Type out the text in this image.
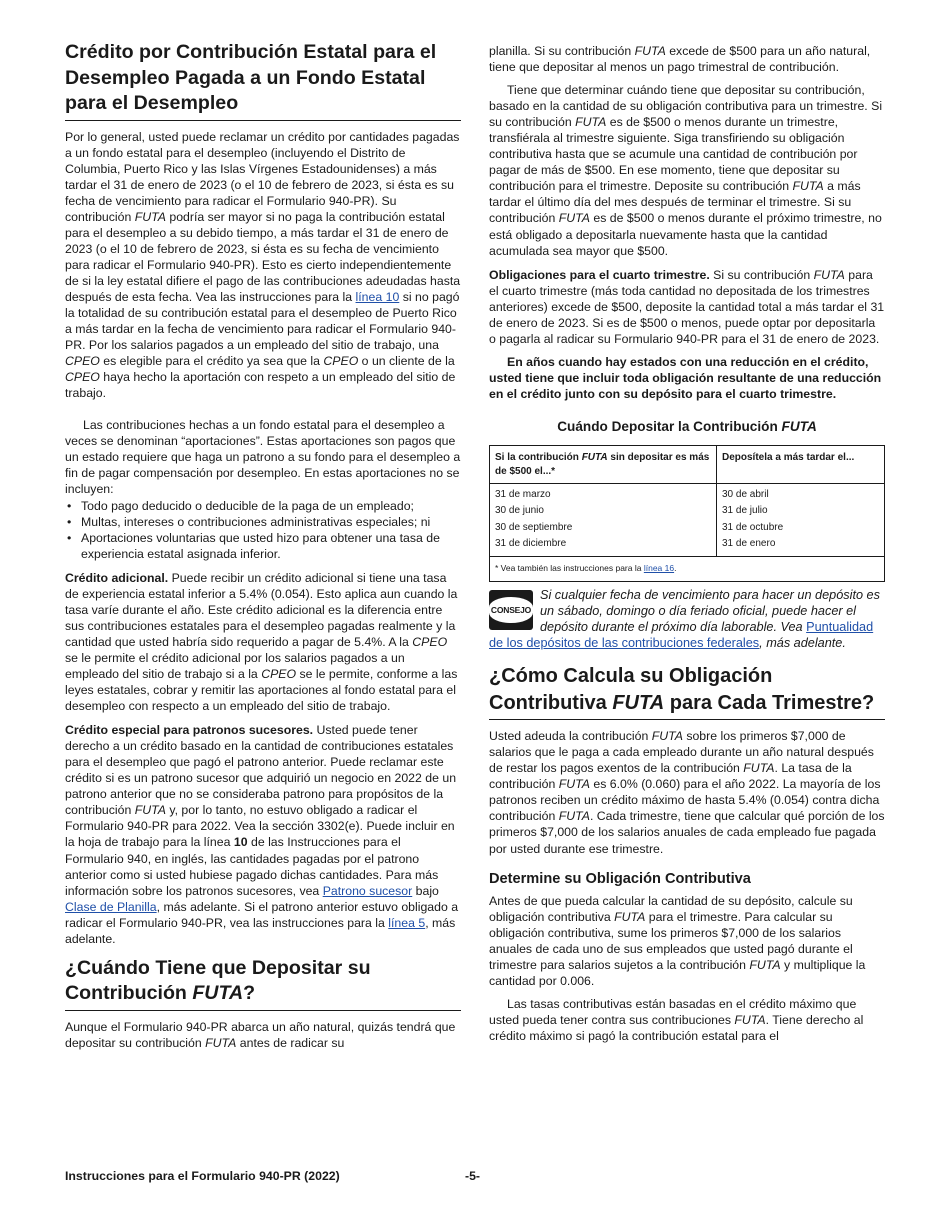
Crédito por Contribución Estatal para el Desempleo Pagada a un Fondo Estatal para el Desempleo

Por lo general, usted puede reclamar un crédito por cantidades pagadas a un fondo estatal para el desempleo (incluyendo el Distrito de Columbia, Puerto Rico y las Islas Vírgenes Estadounidenses) a más tardar el 31 de enero de 2023 (o el 10 de febrero de 2023, si ésta es su fecha de vencimiento para radicar el Formulario 940-PR). Su contribución FUTA podría ser mayor si no paga la contribución estatal para el desempleo a su debido tiempo, a más tardar el 31 de enero de 2023 (o el 10 de febrero de 2023, si ésta es su fecha de vencimiento para radicar el Formulario 940-PR). Esto es cierto independientemente de si la ley estatal difiere el pago de las contribuciones adeudadas hasta después de esta fecha. Vea las instrucciones para la línea 10 si no pagó la totalidad de su contribución estatal para el desempleo de Puerto Rico a más tardar en la fecha de vencimiento para radicar el Formulario 940-PR. Por los salarios pagados a un empleado del sitio de trabajo, una CPEO es elegible para el crédito ya sea que la CPEO o un cliente de la CPEO haya hecho la aportación con respeto a un empleado del sitio de trabajo.

Las contribuciones hechas a un fondo estatal para el desempleo a veces se denominan “aportaciones”. Estas aportaciones son pagos que un estado requiere que haga un patrono a su fondo para el desempleo a fin de pagar compensación por desempleo. En estas aportaciones no se incluyen:

• Todo pago deducido o deducible de la paga de un empleado;
• Multas, intereses o contribuciones administrativas especiales; ni
• Aportaciones voluntarias que usted hizo para obtener una tasa de experiencia estatal asignada inferior.

Crédito adicional. Puede recibir un crédito adicional si tiene una tasa de experiencia estatal inferior a 5.4% (0.054). Esto aplica aun cuando la tasa varíe durante el año. Este crédito adicional es la diferencia entre sus contribuciones estatales para el desempleo pagadas realmente y la cantidad que usted habría sido requerido a pagar de 5.4%. A la CPEO se le permite el crédito adicional por los salarios pagados a un empleado del sitio de trabajo si a la CPEO se le permite, conforme a las leyes estatales, cobrar y remitir las aportaciones al fondo estatal para el desempleo con respecto a un empleado del sitio de trabajo.

Crédito especial para patronos sucesores. Usted puede tener derecho a un crédito basado en la cantidad de contribuciones estatales para el desempleo que pagó el patrono anterior. Puede reclamar este crédito si es un patrono sucesor que adquirió un negocio en 2022 de un patrono anterior que no se consideraba patrono para propósitos de la contribución FUTA y, por lo tanto, no estuvo obligado a radicar el Formulario 940-PR para 2022. Vea la sección 3302(e). Puede incluir en la hoja de trabajo para la línea 10 de las Instrucciones para el Formulario 940, en inglés, las cantidades pagadas por el patrono anterior como si usted hubiese pagado dichas cantidades. Para más información sobre los patronos sucesores, vea Patrono sucesor bajo Clase de Planilla, más adelante. Si el patrono anterior estuvo obligado a radicar el Formulario 940-PR, vea las instrucciones para la línea 5, más adelante.

¿Cuándo Tiene que Depositar su Contribución FUTA?

Aunque el Formulario 940-PR abarca un año natural, quizás tendrá que depositar su contribución FUTA antes de radicar su

planilla. Si su contribución FUTA excede de $500 para un año natural, tiene que depositar al menos un pago trimestral de contribución.

Tiene que determinar cuándo tiene que depositar su contribución, basado en la cantidad de su obligación contributiva para un trimestre. Si su contribución FUTA es de $500 o menos durante un trimestre, transfiérala al trimestre siguiente. Siga transfiriendo su obligación contributiva hasta que se acumule una cantidad de contribución por pagar de más de $500. En ese momento, tiene que depositar su contribución para el trimestre. Deposite su contribución FUTA a más tardar el último día del mes después de terminar el trimestre. Si su contribución FUTA es de $500 o menos durante el próximo trimestre, no está obligado a depositarla nuevamente hasta que la cantidad acumulada sea mayor que $500.

Obligaciones para el cuarto trimestre. Si su contribución FUTA para el cuarto trimestre (más toda cantidad no depositada de los trimestres anteriores) excede de $500, deposite la cantidad total a más tardar el 31 de enero de 2023. Si es de $500 o menos, puede optar por depositarla o pagarla al radicar su Formulario 940-PR para el 31 de enero de 2023.

En años cuando hay estados con una reducción en el crédito, usted tiene que incluir toda obligación resultante de una reducción en el crédito junto con su depósito para el cuarto trimestre.

Cuándo Depositar la Contribución FUTA
Si la contribución FUTA sin depositar es más de $500 el...*	Deposítela a más tardar el...
31 de marzo	30 de abril
30 de junio	31 de julio
30 de septiembre	31 de octubre
31 de diciembre	31 de enero
* Vea también las instrucciones para la línea 16.	
CONSEJO

Si cualquier fecha de vencimiento para hacer un depósito es un sábado, domingo o día feriado oficial, puede hacer el depósito durante el próximo día laborable. Vea Puntualidad de los depósitos de las contribuciones federales, más adelante.

¿Cómo Calcula su Obligación Contributiva FUTA para Cada Trimestre?

Usted adeuda la contribución FUTA sobre los primeros $7,000 de salarios que le paga a cada empleado durante un año natural después de restar los pagos exentos de la contribución FUTA. La tasa de la contribución FUTA es 6.0% (0.060) para el año 2022. La mayoría de los patronos reciben un crédito máximo de hasta 5.4% (0.054) contra dicha contribución FUTA. Cada trimestre, tiene que calcular qué porción de los primeros $7,000 de los salarios anuales de cada empleado fue pagada por usted durante ese trimestre.

Determine su Obligación Contributiva

Antes de que pueda calcular la cantidad de su depósito, calcule su obligación contributiva FUTA para el trimestre. Para calcular su obligación contributiva, sume los primeros $7,000 de los salarios anuales de cada uno de sus empleados que usted pagó durante el trimestre para salarios sujetos a la contribución FUTA y multiplique la cantidad por 0.006.

Las tasas contributivas están basadas en el crédito máximo que usted pueda tener contra sus contribuciones FUTA. Tiene derecho al crédito máximo si pagó la contribución estatal para el

Instrucciones para el Formulario 940-PR (2022)	-5-
